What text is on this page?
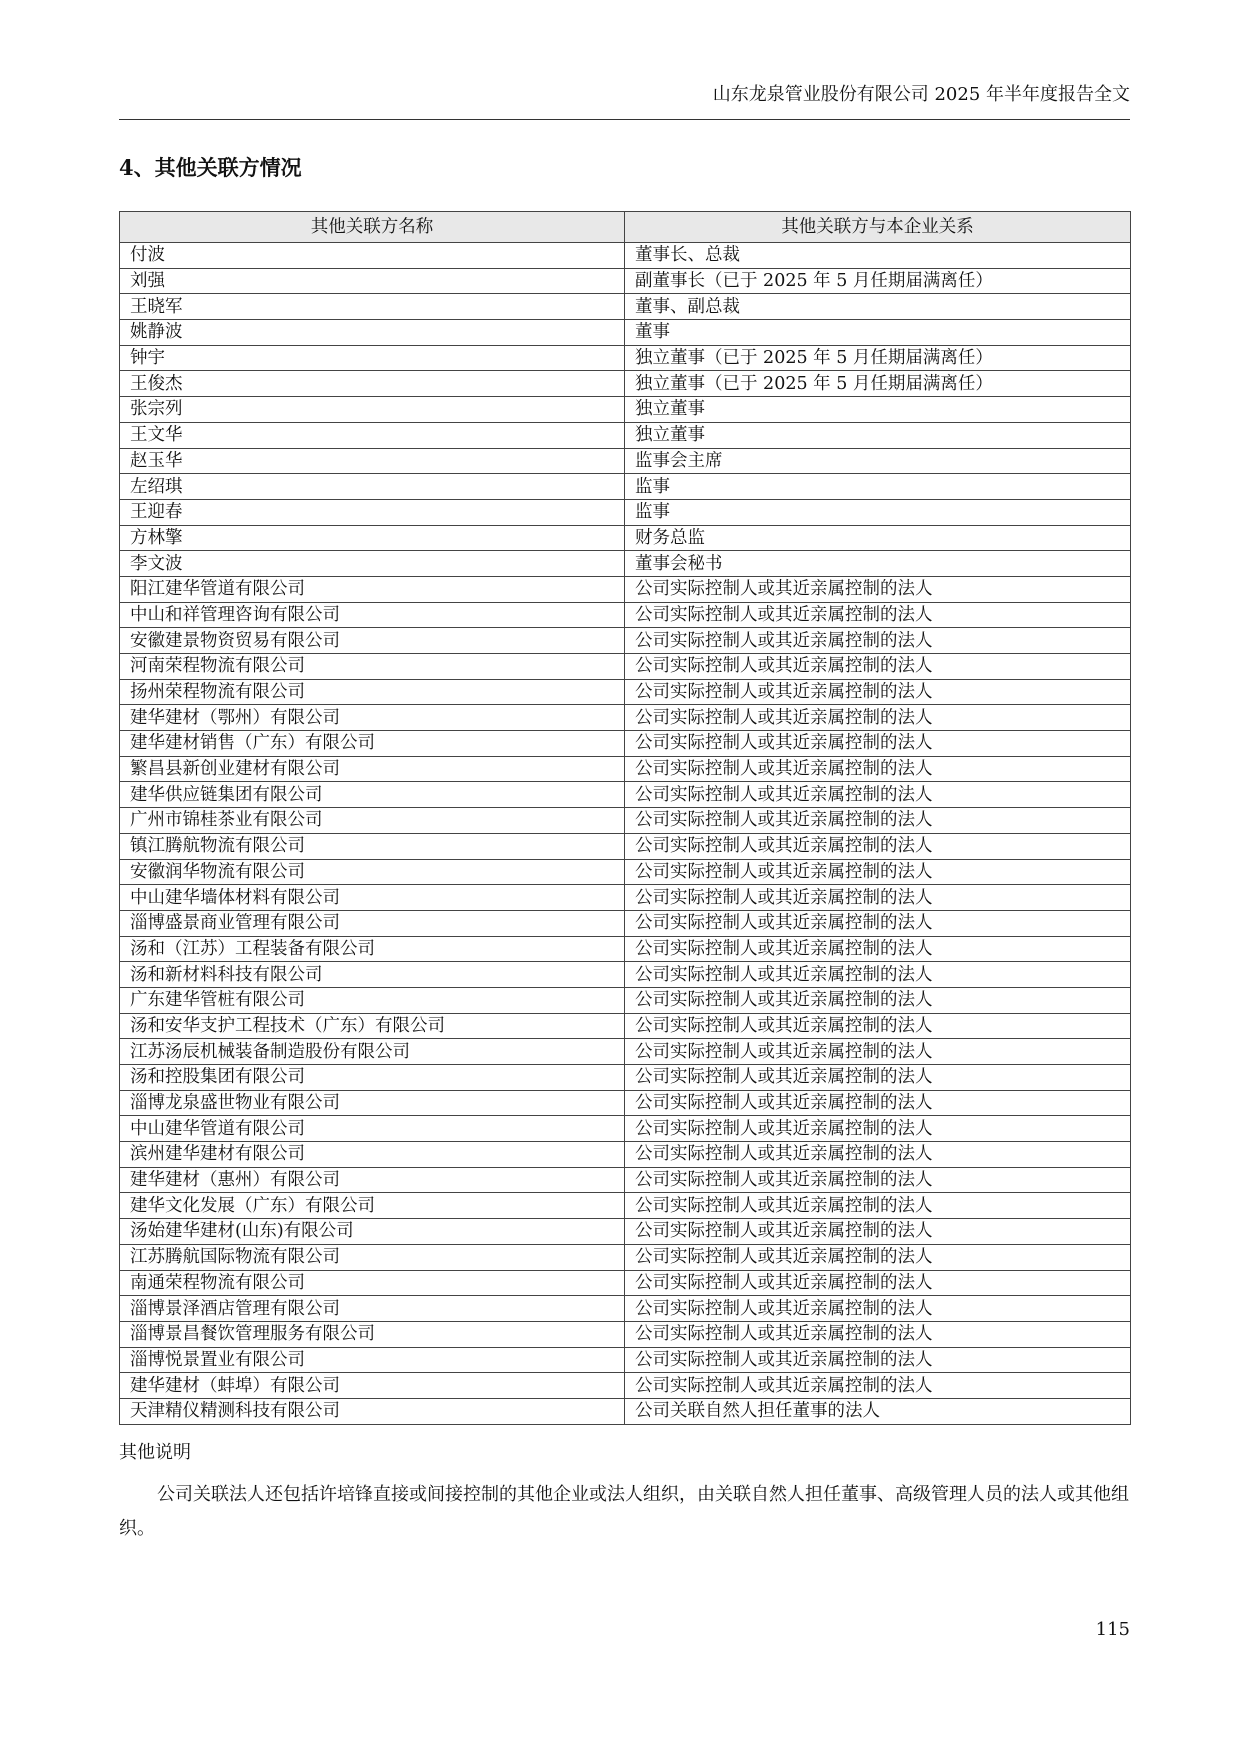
山东龙泉管业股份有限公司 2025 年半年度报告全文
4、其他关联方情况
其他关联方名称	其他关联方与本企业关系
付波	董事长、总裁
刘强	副董事长（已于 2025 年 5 月任期届满离任）
王晓军	董事、副总裁
姚静波	董事
钟宇	独立董事（已于 2025 年 5 月任期届满离任）
王俊杰	独立董事（已于 2025 年 5 月任期届满离任）
张宗列	独立董事
王文华	独立董事
赵玉华	监事会主席
左绍琪	监事
王迎春	监事
方林擎	财务总监
李文波	董事会秘书
阳江建华管道有限公司	公司实际控制人或其近亲属控制的法人
中山和祥管理咨询有限公司	公司实际控制人或其近亲属控制的法人
安徽建景物资贸易有限公司	公司实际控制人或其近亲属控制的法人
河南荣程物流有限公司	公司实际控制人或其近亲属控制的法人
扬州荣程物流有限公司	公司实际控制人或其近亲属控制的法人
建华建材（鄂州）有限公司	公司实际控制人或其近亲属控制的法人
建华建材销售（广东）有限公司	公司实际控制人或其近亲属控制的法人
繁昌县新创业建材有限公司	公司实际控制人或其近亲属控制的法人
建华供应链集团有限公司	公司实际控制人或其近亲属控制的法人
广州市锦桂茶业有限公司	公司实际控制人或其近亲属控制的法人
镇江腾航物流有限公司	公司实际控制人或其近亲属控制的法人
安徽润华物流有限公司	公司实际控制人或其近亲属控制的法人
中山建华墙体材料有限公司	公司实际控制人或其近亲属控制的法人
淄博盛景商业管理有限公司	公司实际控制人或其近亲属控制的法人
汤和（江苏）工程装备有限公司	公司实际控制人或其近亲属控制的法人
汤和新材料科技有限公司	公司实际控制人或其近亲属控制的法人
广东建华管桩有限公司	公司实际控制人或其近亲属控制的法人
汤和安华支护工程技术（广东）有限公司	公司实际控制人或其近亲属控制的法人
江苏汤辰机械装备制造股份有限公司	公司实际控制人或其近亲属控制的法人
汤和控股集团有限公司	公司实际控制人或其近亲属控制的法人
淄博龙泉盛世物业有限公司	公司实际控制人或其近亲属控制的法人
中山建华管道有限公司	公司实际控制人或其近亲属控制的法人
滨州建华建材有限公司	公司实际控制人或其近亲属控制的法人
建华建材（惠州）有限公司	公司实际控制人或其近亲属控制的法人
建华文化发展（广东）有限公司	公司实际控制人或其近亲属控制的法人
汤始建华建材(山东)有限公司	公司实际控制人或其近亲属控制的法人
江苏腾航国际物流有限公司	公司实际控制人或其近亲属控制的法人
南通荣程物流有限公司	公司实际控制人或其近亲属控制的法人
淄博景泽酒店管理有限公司	公司实际控制人或其近亲属控制的法人
淄博景昌餐饮管理服务有限公司	公司实际控制人或其近亲属控制的法人
淄博悦景置业有限公司	公司实际控制人或其近亲属控制的法人
建华建材（蚌埠）有限公司	公司实际控制人或其近亲属控制的法人
天津精仪精测科技有限公司	公司关联自然人担任董事的法人
其他说明
公司关联法人还包括许培锋直接或间接控制的其他企业或法人组织，由关联自然人担任董事、高级管理人员的法人或其他组织。
115
